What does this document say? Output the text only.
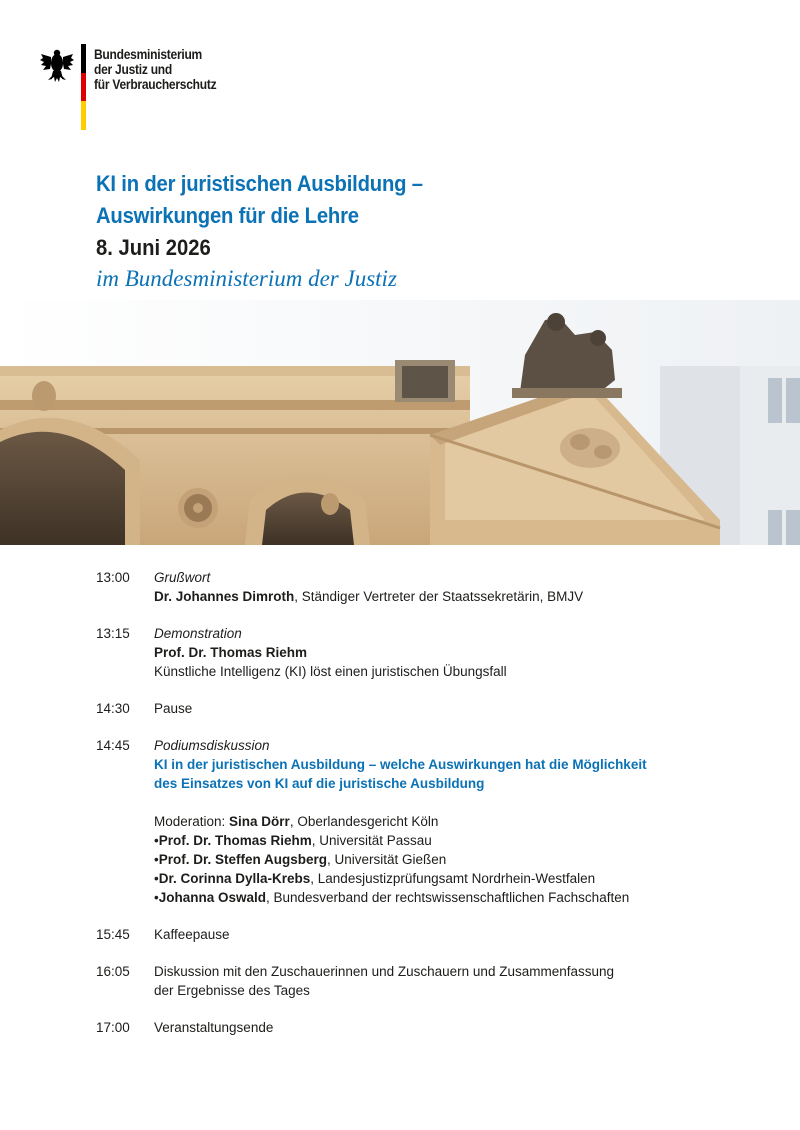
Bundesministerium
der Justiz und
für Verbraucherschutz
KI in der juristischen Ausbildung –
Auswirkungen für die Lehre
8. Juni 2026
im Bundesministerium der Justiz
13:00 Grußwort
Dr. Johannes Dimroth, Ständiger Vertreter der Staatssekretärin, BMJV
13:15 Demonstration
Prof. Dr. Thomas Riehm
Künstliche Intelligenz (KI) löst einen juristischen Übungsfall
14:30 Pause
14:45 Podiumsdiskussion
KI in der juristischen Ausbildung – welche Auswirkungen hat die Möglichkeit
des Einsatzes von KI auf die juristische Ausbildung
Moderation: Sina Dörr, Oberlandesgericht Köln
• Prof. Dr. Thomas Riehm, Universität Passau
• Prof. Dr. Steffen Augsberg, Universität Gießen
• Dr. Corinna Dylla-Krebs, Landesjustizprüfungsamt Nordrhein-Westfalen
• Johanna Oswald, Bundesverband der rechtswissenschaftlichen Fachschaften
15:45 Kaffeepause
16:05 Diskussion mit den Zuschauerinnen und Zuschauern und Zusammenfassung
der Ergebnisse des Tages
17:00 Veranstaltungsende
